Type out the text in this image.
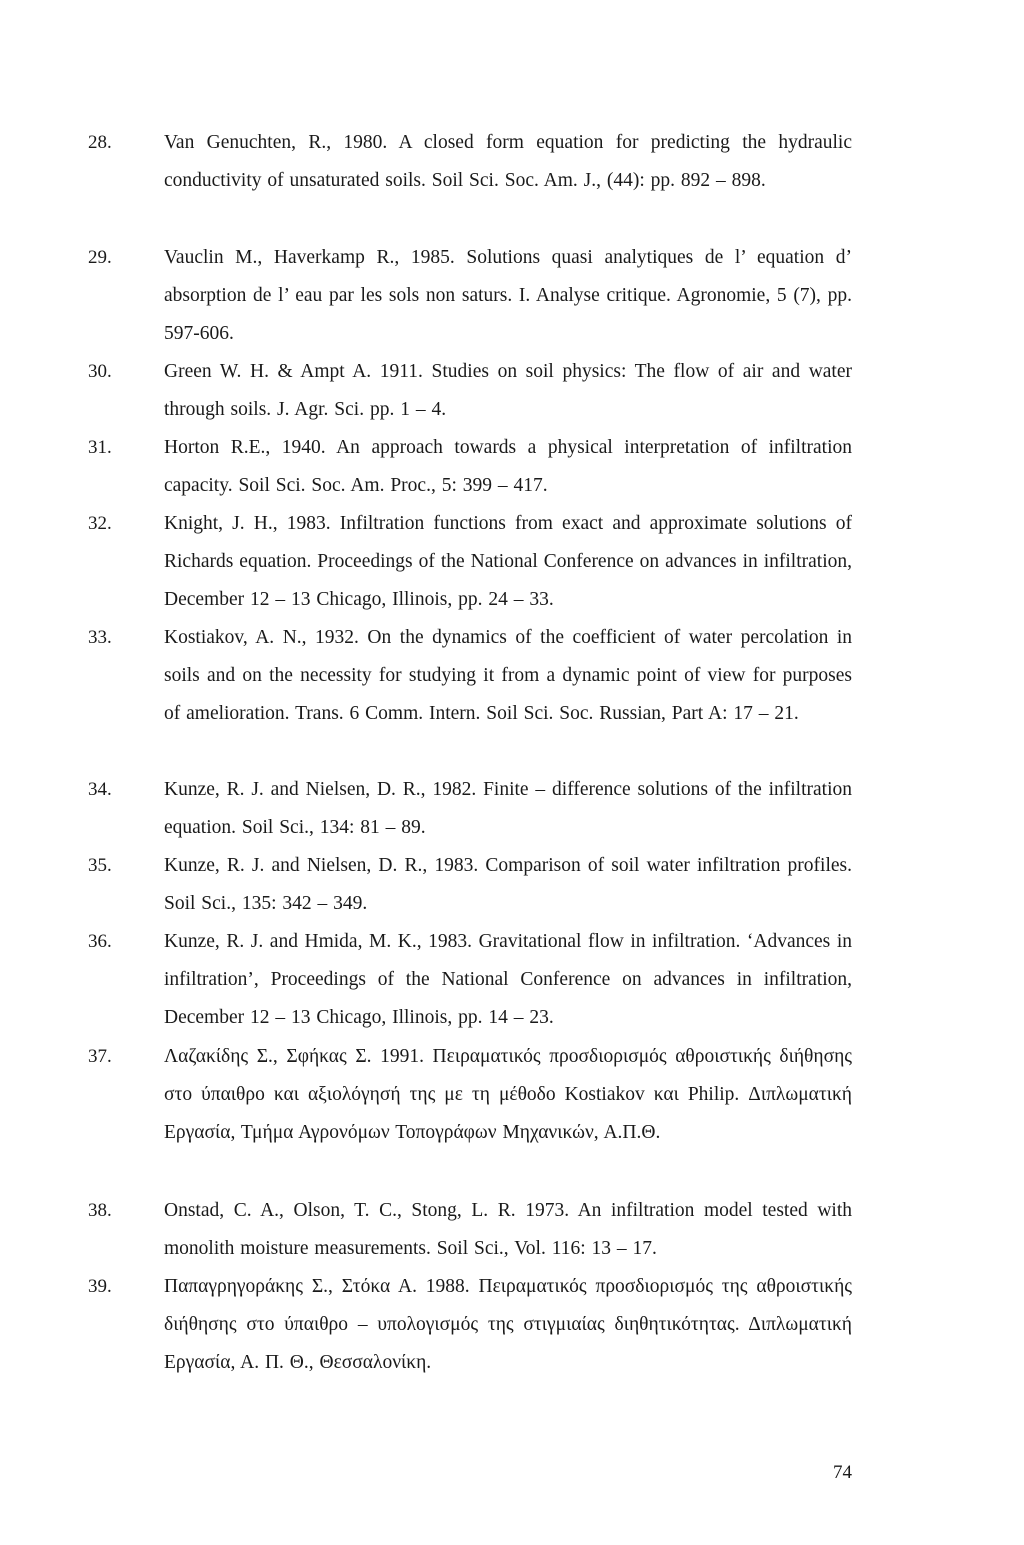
28.	Van Genuchten, R., 1980. A closed form equation for predicting the hydraulic conductivity of unsaturated soils. Soil Sci. Soc. Am. J., (44): pp. 892 – 898.
29.	Vauclin M., Haverkamp R., 1985. Solutions quasi analytiques de l’ equation d’ absorption de l’ eau par les sols non saturs. I. Analyse critique. Agronomie, 5 (7), pp. 597-606.
30.	Green W. H. & Ampt A. 1911. Studies on soil physics: The flow of air and water through soils. J. Agr. Sci. pp. 1 – 4.
31.	Horton R.E., 1940. An approach towards a physical interpretation of infiltration capacity. Soil Sci. Soc. Am. Proc., 5: 399 – 417.
32.	Knight, J. H., 1983. Infiltration functions from exact and approximate solutions of Richards equation. Proceedings of the National Conference on advances in infiltration, December 12 – 13 Chicago, Illinois, pp. 24 – 33.
33.	Kostiakov, A. N., 1932. On the dynamics of the coefficient of water percolation in soils and on the necessity for studying it from a dynamic point of view for purposes of amelioration. Trans. 6 Comm. Intern. Soil Sci. Soc. Russian, Part A: 17 – 21.
34.	Kunze, R. J. and Nielsen, D. R., 1982. Finite – difference solutions of the infiltration equation. Soil Sci., 134: 81 – 89.
35.	Kunze, R. J. and Nielsen, D. R., 1983. Comparison of soil water infiltration profiles. Soil Sci., 135: 342 – 349.
36.	Kunze, R. J. and Hmida, M. K., 1983. Gravitational flow in infiltration. ‘Advances in infiltration’, Proceedings of the National Conference on advances in infiltration, December 12 – 13 Chicago, Illinois, pp. 14 – 23.
37.	Λαζακίδης Σ., Σφήκας Σ. 1991. Πειραματικός προσδιορισμός αθροιστικής διήθησης στο ύπαιθρο και αξιολόγησή της με τη μέθοδο Kostiakov και Philip. Διπλωματική Εργασία, Τμήμα Αγρονόμων Τοπογράφων Μηχανικών, Α.Π.Θ.
38.	Onstad, C. A., Olson, T. C., Stong, L. R. 1973. An infiltration model tested with monolith moisture measurements. Soil Sci., Vol. 116: 13 – 17.
39.	Παπαγρηγοράκης Σ., Στόκα Α. 1988. Πειραματικός προσδιορισμός της αθροιστικής διήθησης στο ύπαιθρο – υπολογισμός της στιγμιαίας διηθητικότητας. Διπλωματική Εργασία, Α. Π. Θ., Θεσσαλονίκη.
74
